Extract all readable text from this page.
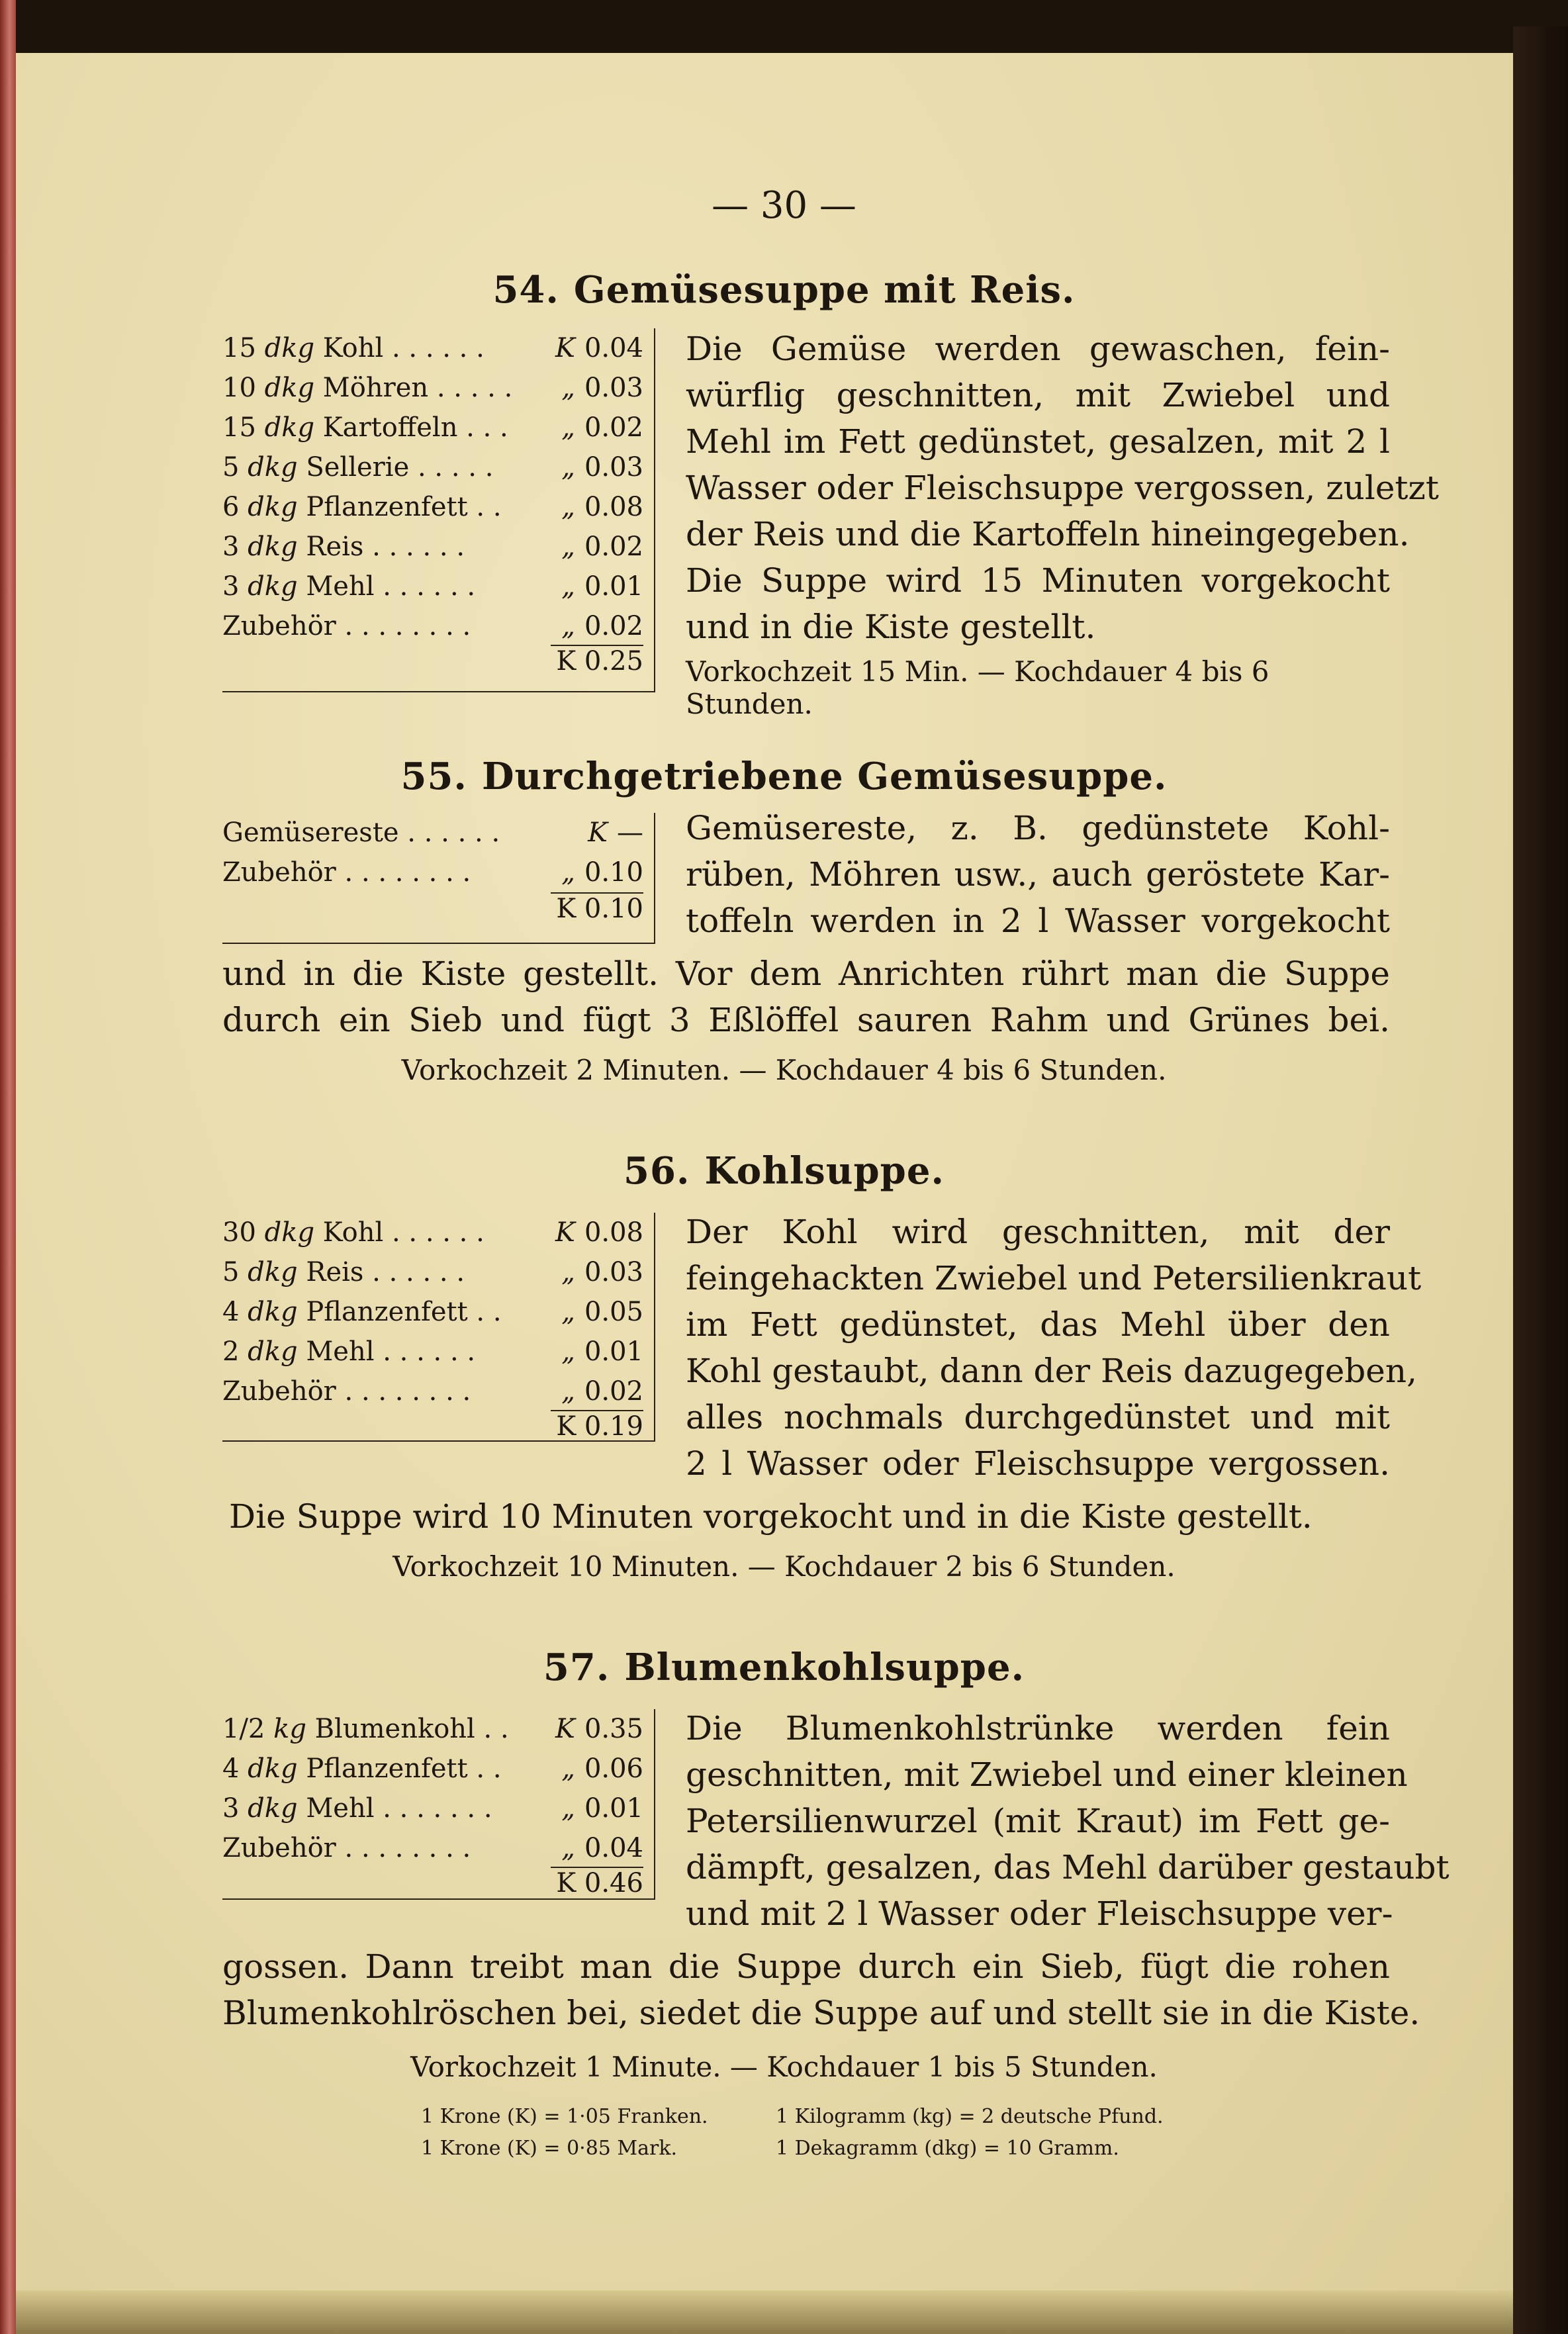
— 30 —
54. Gemüsesuppe mit Reis.
15 dkg Kohl . . . . . .	K 0.04
10 dkg Möhren . . . . . „ 0.03
15 dkg Kartoffeln . . . „ 0.02
5 dkg Sellerie . . . . .	„ 0.03
6 dkg Pflanzenfett . . „ 0.08
3 dkg Reis . . . . . .	„ 0.02
3 dkg Mehl . . . . . .	„ 0.01
Zubehör . . . . . . . .	„ 0.02
K 0.25
Die Gemüse werden gewaschen, fein-
würflig geschnitten, mit Zwiebel und
Mehl im Fett gedünstet, gesalzen, mit 2 l
Wasser oder Fleischsuppe vergossen, zuletzt
der Reis und die Kartoffeln hineingegeben.
Die Suppe wird 15 Minuten vorgekocht
und in die Kiste gestellt.
Vorkochzeit 15 Min. — Kochdauer 4 bis 6 Stunden.
55. Durchgetriebene Gemüsesuppe.
Gemüsereste . . . . . .	K —
Zubehör . . . . . . . .	„ 0.10
K 0.10
Gemüsereste, z. B. gedünstete Kohl-
rüben, Möhren usw., auch geröstete Kar-
toffeln werden in 2 l Wasser vorgekocht
und in die Kiste gestellt. Vor dem Anrichten rührt man die Suppe
durch ein Sieb und fügt 3 Eßlöffel sauren Rahm und Grünes bei.
Vorkochzeit 2 Minuten. — Kochdauer 4 bis 6 Stunden.
56. Kohlsuppe.
30 dkg Kohl . . . . . .	K 0.08
5 dkg Reis . . . . . .	„ 0.03
4 dkg Pflanzenfett . . „ 0.05
2 dkg Mehl . . . . . .	„ 0.01
Zubehör . . . . . . . .	„ 0.02
K 0.19
Der Kohl wird geschnitten, mit der
feingehackten Zwiebel und Petersilienkraut
im Fett gedünstet, das Mehl über den
Kohl gestaubt, dann der Reis dazugegeben,
alles nochmals durchgedünstet und mit
2 l Wasser oder Fleischsuppe vergossen.
Die Suppe wird 10 Minuten vorgekocht und in die Kiste gestellt.
Vorkochzeit 10 Minuten. — Kochdauer 2 bis 6 Stunden.
57. Blumenkohlsuppe.
1/2 kg Blumenkohl . . K 0.35
4 dkg Pflanzenfett . . „ 0.06
3 dkg Mehl . . . . . . .	„ 0.01
Zubehör . . . . . . . .	„ 0.04
K 0.46
Die Blumenkohlstrünke werden fein
geschnitten, mit Zwiebel und einer kleinen
Petersilienwurzel (mit Kraut) im Fett ge-
dämpft, gesalzen, das Mehl darüber gestaubt
und mit 2 l Wasser oder Fleischsuppe ver-
gossen. Dann treibt man die Suppe durch ein Sieb, fügt die rohen
Blumenkohlröschen bei, siedet die Suppe auf und stellt sie in die Kiste.
Vorkochzeit 1 Minute. — Kochdauer 1 bis 5 Stunden.
1 Krone (K) = 1·05 Franken.
1 Krone (K) = 0·85 Mark.
1 Kilogramm (kg) = 2 deutsche Pfund.
1 Dekagramm (dkg) = 10 Gramm.
